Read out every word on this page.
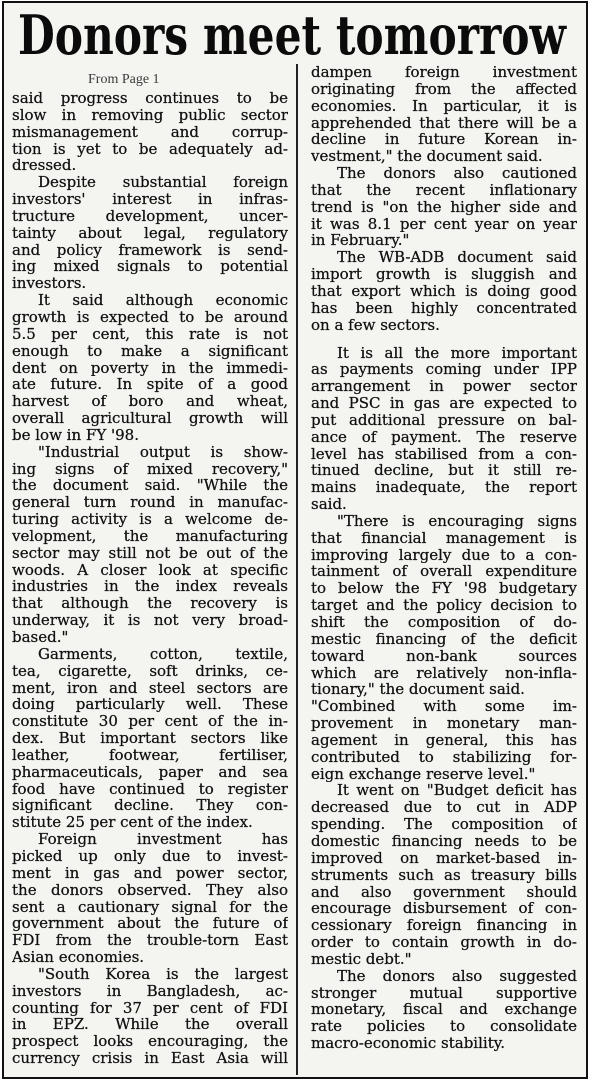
Donors meet tomorrow
From Page 1
said progress continues to be
slow in removing public sector
mismanagement and corrup-
tion is yet to be adequately ad-
dressed.
Despite substantial foreign
investors' interest in infras-
tructure development, uncer-
tainty about legal, regulatory
and policy framework is send-
ing mixed signals to potential
investors.
It said although economic
growth is expected to be around
5.5 per cent, this rate is not
enough to make a significant
dent on poverty in the immedi-
ate future. In spite of a good
harvest of boro and wheat,
overall agricultural growth will
be low in FY '98.
"Industrial output is show-
ing signs of mixed recovery,"
the document said. "While the
general turn round in manufac-
turing activity is a welcome de-
velopment, the manufacturing
sector may still not be out of the
woods. A closer look at specific
industries in the index reveals
that although the recovery is
underway, it is not very broad-
based."
Garments, cotton, textile,
tea, cigarette, soft drinks, ce-
ment, iron and steel sectors are
doing particularly well. These
constitute 30 per cent of the in-
dex. But important sectors like
leather, footwear, fertiliser,
pharmaceuticals, paper and sea
food have continued to register
significant decline. They con-
stitute 25 per cent of the index.
Foreign investment has
picked up only due to invest-
ment in gas and power sector,
the donors observed. They also
sent a cautionary signal for the
government about the future of
FDI from the trouble-torn East
Asian economies.
"South Korea is the largest
investors in Bangladesh, ac-
counting for 37 per cent of FDI
in EPZ. While the overall
prospect looks encouraging, the
currency crisis in East Asia will
dampen foreign investment
originating from the affected
economies. In particular, it is
apprehended that there will be a
decline in future Korean in-
vestment," the document said.
The donors also cautioned
that the recent inflationary
trend is "on the higher side and
it was 8.1 per cent year on year
in February."
The WB-ADB document said
import growth is sluggish and
that export which is doing good
has been highly concentrated
on a few sectors.
It is all the more important
as payments coming under IPP
arrangement in power sector
and PSC in gas are expected to
put additional pressure on bal-
ance of payment. The reserve
level has stabilised from a con-
tinued decline, but it still re-
mains inadequate, the report
said.
"There is encouraging signs
that financial management is
improving largely due to a con-
tainment of overall expenditure
to below the FY '98 budgetary
target and the policy decision to
shift the composition of do-
mestic financing of the deficit
toward non-bank sources
which are relatively non-infla-
tionary," the document said.
"Combined with some im-
provement in monetary man-
agement in general, this has
contributed to stabilizing for-
eign exchange reserve level."
It went on "Budget deficit has
decreased due to cut in ADP
spending. The composition of
domestic financing needs to be
improved on market-based in-
struments such as treasury bills
and also government should
encourage disbursement of con-
cessionary foreign financing in
order to contain growth in do-
mestic debt."
The donors also suggested
stronger mutual supportive
monetary, fiscal and exchange
rate policies to consolidate
macro-economic stability.
